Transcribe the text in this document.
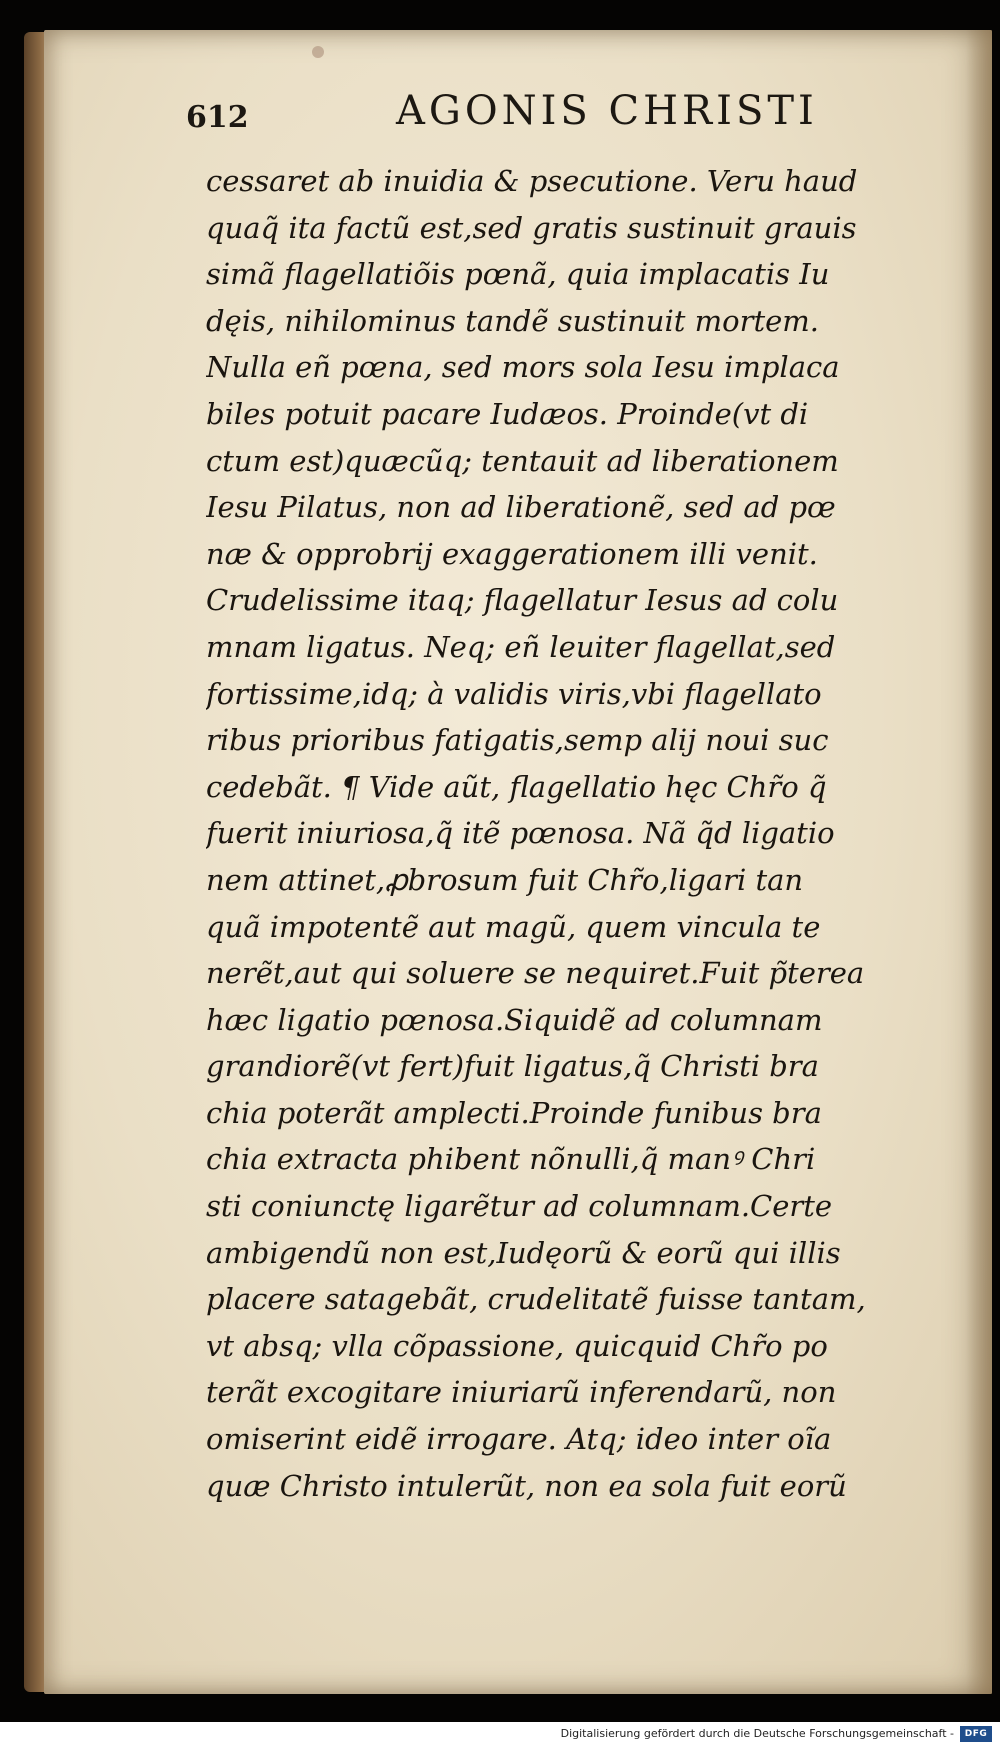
612	AGONIS CHRISTI
cessaret ab inuidia & psecutione. Veru haud
quaq̃ ita factũ est,sed gratis sustinuit grauis
simã flagellatiõis pœnã, quia implacatis Iu
dęis, nihilominus tandẽ sustinuit mortem.
Nulla eñ pœna, sed mors sola Iesu implaca
biles potuit pacare Iudæos. Proinde(vt di
ctum est)quæcũq; tentauit ad liberationem
Iesu Pilatus, non ad liberationẽ, sed ad pœ
næ & opprobrij exaggerationem illi venit.
Crudelissime itaq; flagellatur Iesus ad colu
mnam ligatus. Neq; eñ leuiter flagellat,sed
fortissime,idq; à validis viris,vbi flagellato
ribus prioribus fatigatis,semp alij noui suc
cedebãt. ¶ Vide aũt, flagellatio hęc Chr̃o q̃
fuerit iniuriosa,q̃ itẽ pœnosa. Nã q̃d ligatio
nem attinet,ꝓbrosum fuit Chr̃o,ligari tan
quã impotentẽ aut magũ, quem vincula te
nerẽt,aut qui soluere se nequiret.Fuit p̃terea
hæc ligatio pœnosa.Siquidẽ ad columnam
grandiorẽ(vt fert)fuit ligatus,q̃ Christi bra
chia poterãt amplecti.Proinde funibus bra
chia extracta phibent nõnulli,q̃ manꝰ Chri
sti coniunctę ligarẽtur ad columnam.Certe
ambigendũ non est,Iudęorũ & eorũ qui illis
placere satagebãt, crudelitatẽ fuisse tantam,
vt absq; vlla cõpassione, quicquid Chr̃o po
terãt excogitare iniuriarũ inferendarũ, non
omiserint eidẽ irrogare. Atq; ideo inter oĩa
quæ Christo intulerũt, non ea sola fuit eorũ
Digitalisierung gefördert durch die Deutsche Forschungsgemeinschaft -	DFG
